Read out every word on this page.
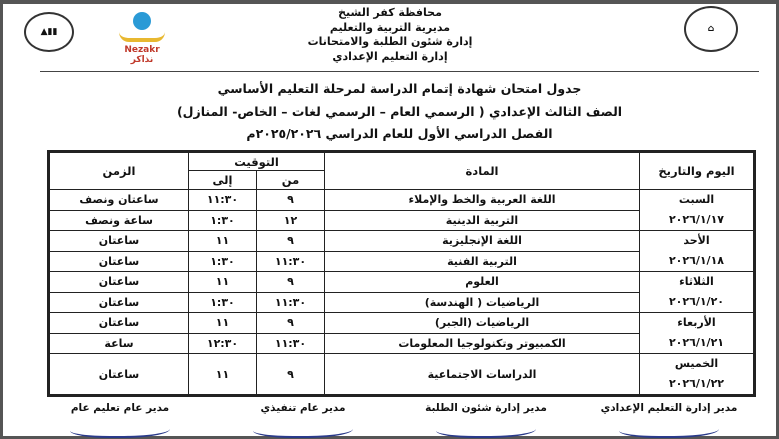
▲▮▮
Nezakr نذاكر
⌂
محافظة كفر الشيخ
مديرية التربية والتعليم
إدارة شئون الطلبة والامتحانات
إدارة التعليم الإعدادي
جدول امتحان شهادة إتمام الدراسة لمرحلة التعليم الأساسي
الصف الثالث الإعدادي ( الرسمي العام – الرسمي لغات – الخاص- المنازل)
الفصل الدراسي الأول للعام الدراسي ٢٠٢٥/٢٠٢٦م
اليوم والتاريخ	المادة	التوقيت		الزمن
		من	إلى	

السبت
٢٠٢٦/١/١٧	اللغة العربية والخط والإملاء	٩	١١:٣٠	ساعتان ونصف
	التربية الدينية	١٢	١:٣٠	ساعة ونصف

الأحد
٢٠٢٦/١/١٨	اللغة الإنجليزية	٩	١١	ساعتان
	التربية الفنية	١١:٣٠	١:٣٠	ساعتان

الثلاثاء
٢٠٢٦/١/٢٠	العلوم	٩	١١	ساعتان
	الرياضيات ( الهندسة)	١١:٣٠	١:٣٠	ساعتان

الأربعاء
٢٠٢٦/١/٢١	الرياضيات (الجبر)	٩	١١	ساعتان
	الكمبيوتر وتكنولوجيا المعلومات	١١:٣٠	١٢:٣٠	ساعة

الخميس
٢٠٢٦/١/٢٢	الدراسات الاجتماعية	٩	١١	ساعتان
مدير إدارة التعليم الإعدادي
مدير إدارة شئون الطلبة
مدير عام تنفيذي
مدير عام تعليم عام
